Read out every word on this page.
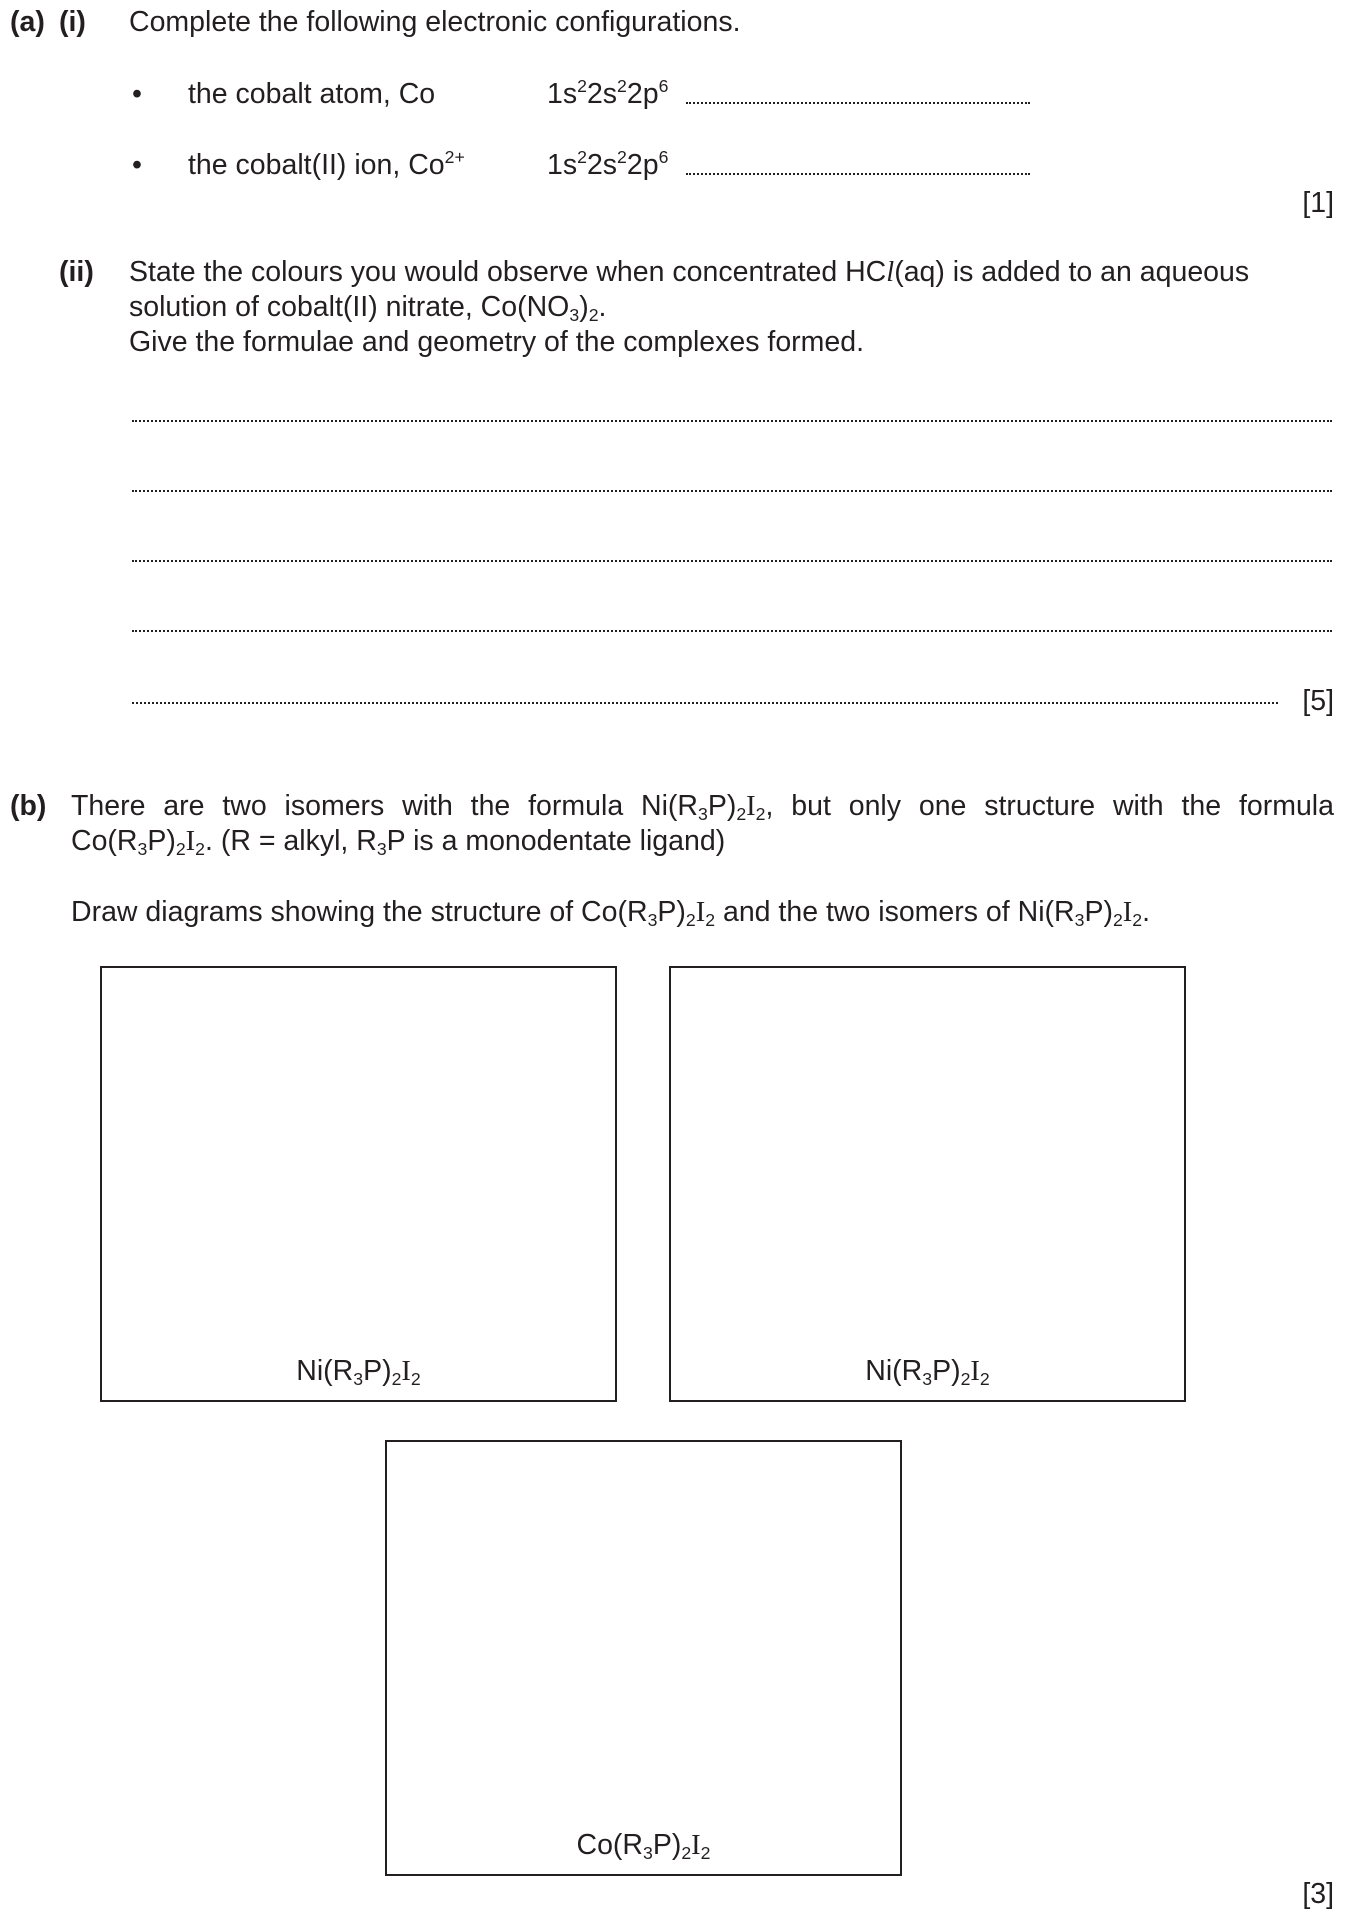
(a) (i) Complete the following electronic configurations.
• the cobalt atom, Co	$1s^22s^22p^6$
• the cobalt(II) ion, $Co^{2+}$	$1s^22s^22p^6$
[1]
(ii) State the colours you would observe when concentrated HCl(aq) is added to an aqueous
solution of cobalt(II) nitrate, $Co(NO_3)_2$.
Give the formulae and geometry of the complexes formed.
[5]
(b) There are two isomers with the formula $Ni(R_3P)_2I_2$, but only one structure with the formula
$Co(R_3P)_2I_2$. (R = alkyl, $R_3P$ is a monodentate ligand)
Draw diagrams showing the structure of $Co(R_3P)_2I_2$ and the two isomers of $Ni(R_3P)_2I_2$.
$Ni(R_3P)_2I_2$	$Ni(R_3P)_2I_2$
$Co(R_3P)_2I_2$
[3]
